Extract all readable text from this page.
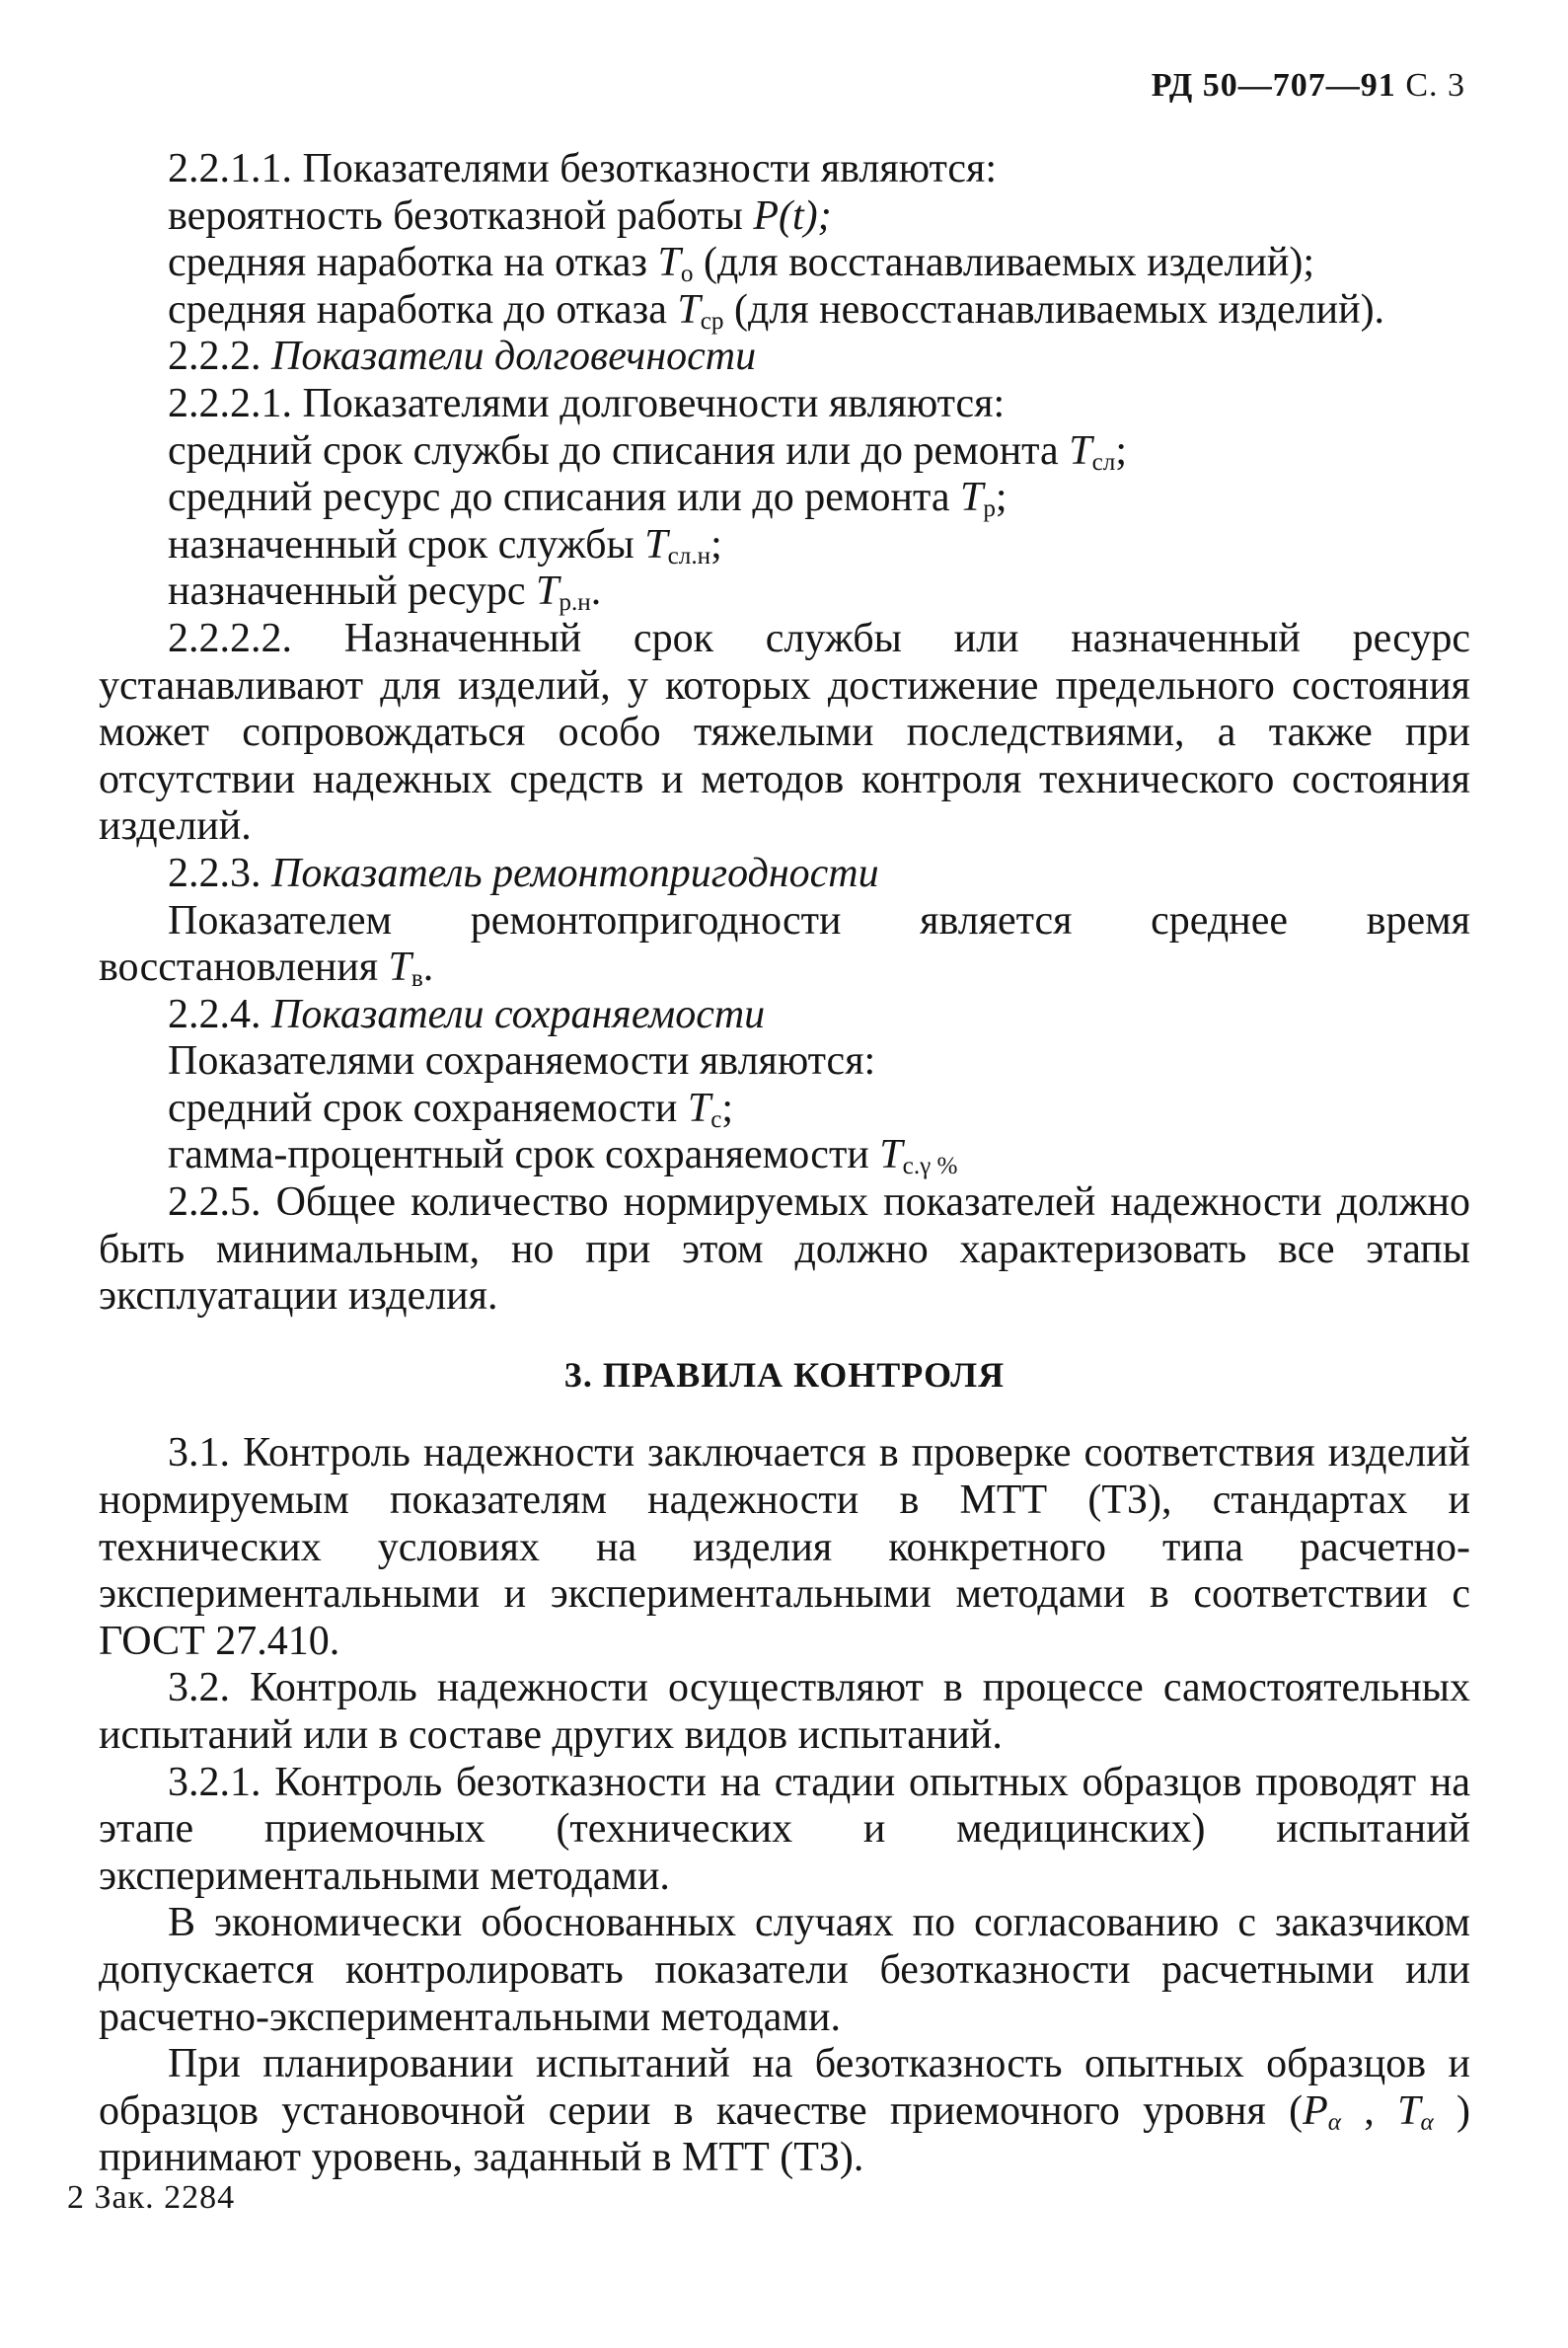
РД 50—707—91 С. 3

2.2.1.1. Показателями безотказности являются:

вероятность безотказной работы P(t);

средняя наработка на отказ $T_o$ (для восстанавливаемых изделий);

средняя наработка до отказа $T_{ср}$ (для невосстанавливаемых изделий).

2.2.2. Показатели долговечности

2.2.2.1. Показателями долговечности являются:

средний срок службы до списания или до ремонта $T_{сл}$;

средний ресурс до списания или до ремонта $T_р$;

назначенный срок службы $T_{сл.н}$;

назначенный ресурс $T_{р.н}$.

2.2.2.2. Назначенный срок службы или назначенный ресурс устанавливают для изделий, у которых достижение предельного состояния может сопровождаться особо тяжелыми последствиями, а также при отсутствии надежных средств и методов контроля технического состояния изделий.

2.2.3. Показатель ремонтопригодности

Показателем ремонтопригодности является среднее время восстановления $T_в$.

2.2.4. Показатели сохраняемости

Показателями сохраняемости являются:

средний срок сохраняемости $T_с$;

гамма-процентный срок сохраняемости $T_{с.\gamma \%}$

2.2.5. Общее количество нормируемых показателей надежности должно быть минимальным, но при этом должно характеризовать все этапы эксплуатации изделия.

3. ПРАВИЛА КОНТРОЛЯ

3.1. Контроль надежности заключается в проверке соответствия изделий нормируемым показателям надежности в МТТ (ТЗ), стандартах и технических условиях на изделия конкретного типа расчетно-экспериментальными и экспериментальными методами в соответствии с ГОСТ 27.410.

3.2. Контроль надежности осуществляют в процессе самостоятельных испытаний или в составе других видов испытаний.

3.2.1. Контроль безотказности на стадии опытных образцов проводят на этапе приемочных (технических и медицинских) испытаний экспериментальными методами.

В экономически обоснованных случаях по согласованию с заказчиком допускается контролировать показатели безотказности расчетными или расчетно-экспериментальными методами.

При планировании испытаний на безотказность опытных образцов и образцов установочной серии в качестве приемочного уровня ($P_\alpha$ , $T_\alpha$ ) принимают уровень, заданный в МТТ (ТЗ).

2 Зак. 2284
